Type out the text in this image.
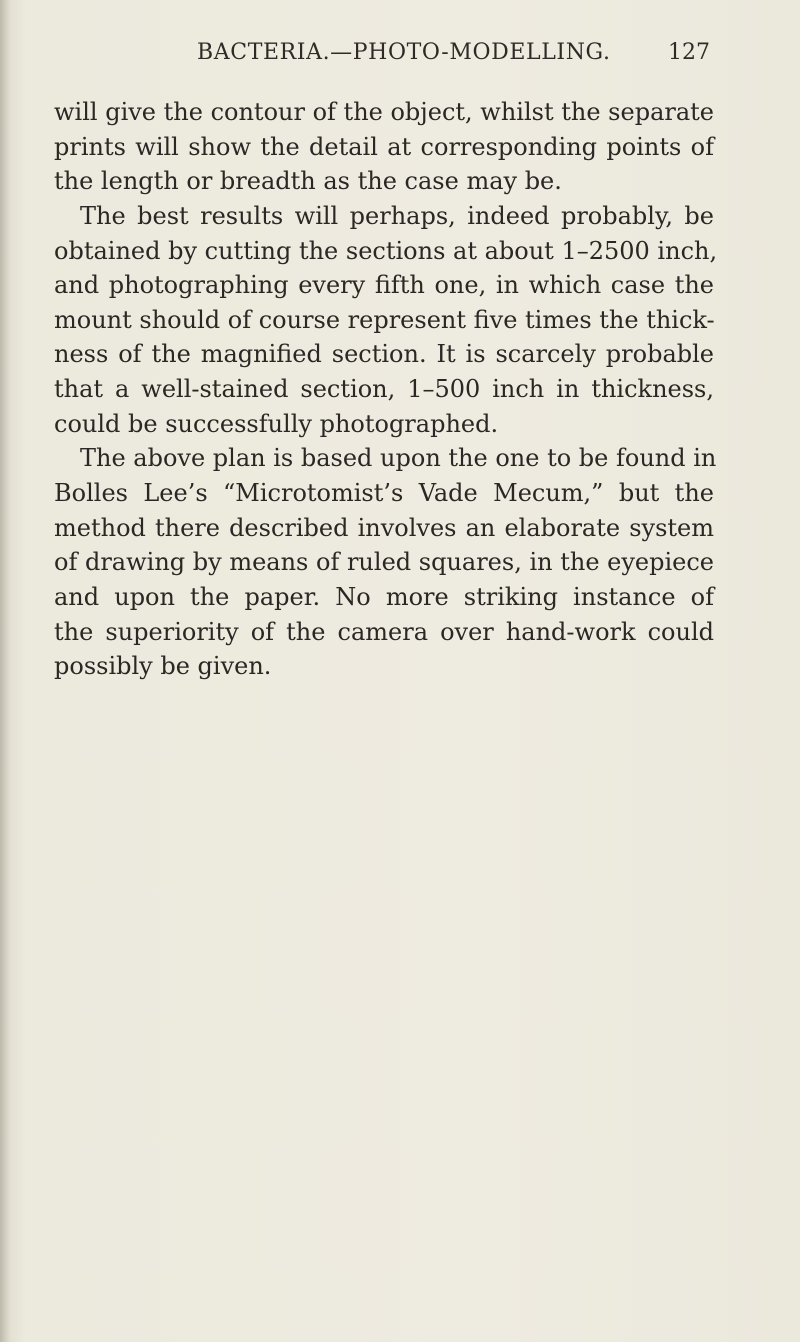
BACTERIA.—PHOTO-MODELLING.	127
will give the contour of the object, whilst the separate
prints will show the detail at corresponding points of
the length or breadth as the case may be.
The best results will perhaps, indeed probably, be
obtained by cutting the sections at about 1–2500 inch,
and photographing every fifth one, in which case the
mount should of course represent five times the thick-
ness of the magnified section. It is scarcely probable
that a well-stained section, 1–500 inch in thickness,
could be successfully photographed.
The above plan is based upon the one to be found in
Bolles Lee’s “Microtomist’s Vade Mecum,” but the
method there described involves an elaborate system
of drawing by means of ruled squares, in the eyepiece
and upon the paper. No more striking instance of
the superiority of the camera over hand-work could
possibly be given.
